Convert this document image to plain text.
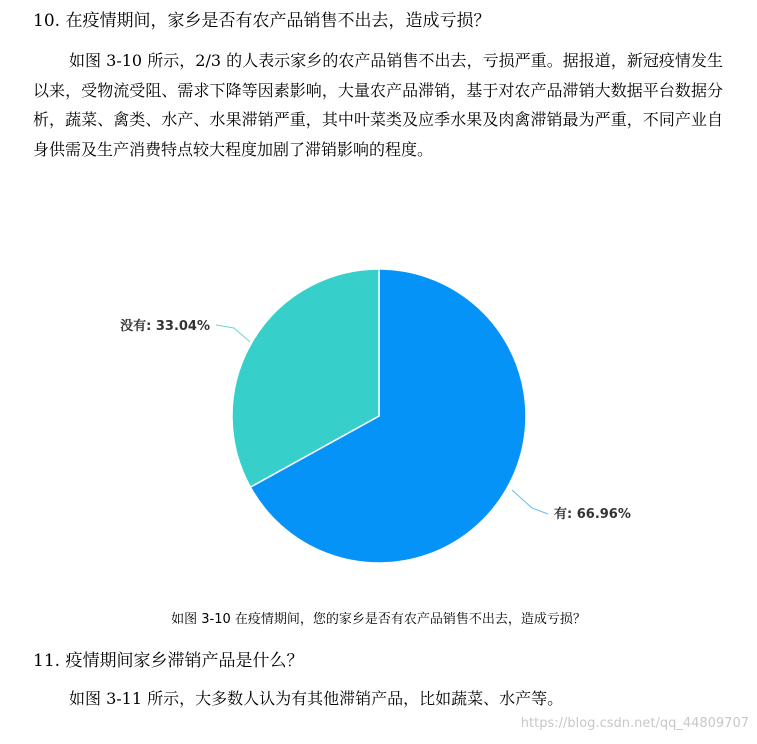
10. 在疫情期间，家乡是否有农产品销售不出去，造成亏损？
如图 3-10 所示，2/3 的人表示家乡的农产品销售不出去，亏损严重。据报道，新冠疫情发生以来，受物流受阻、需求下降等因素影响，大量农产品滞销，基于对农产品滞销大数据平台数据分析，蔬菜、禽类、水产、水果滞销严重，其中叶菜类及应季水果及肉禽滞销最为严重，不同产业自身供需及生产消费特点较大程度加剧了滞销影响的程度。
有: 66.96%
没有: 33.04%
如图 3-10 在疫情期间，您的家乡是否有农产品销售不出去，造成亏损？
11. 疫情期间家乡滞销产品是什么？
如图 3-11 所示，大多数人认为有其他滞销产品，比如蔬菜、水产等。
https://blog.csdn.net/qq_44809707
